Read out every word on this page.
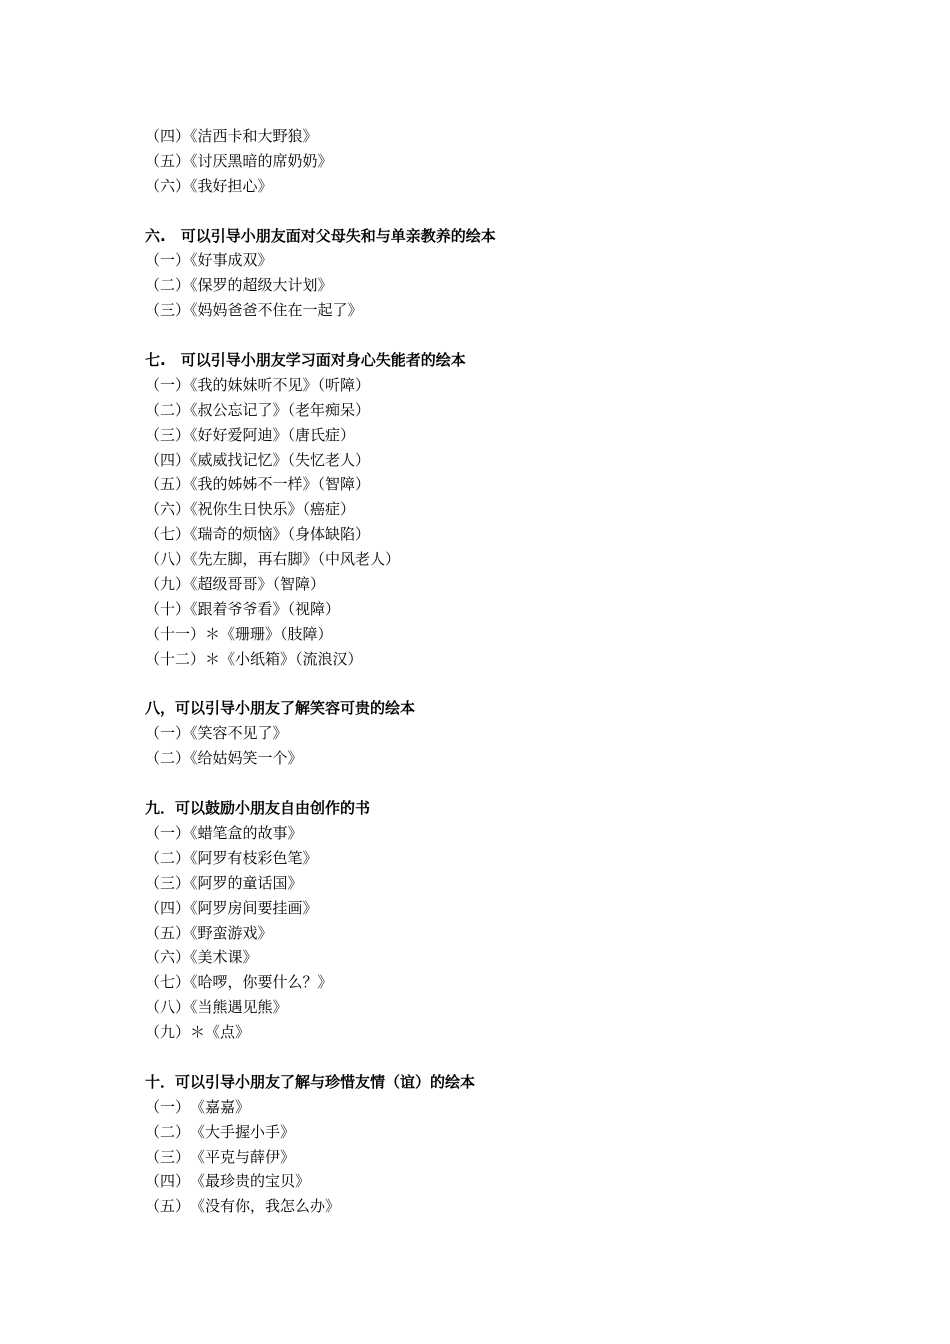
（四）《洁西卡和大野狼》
（五）《讨厌黑暗的席奶奶》
（六）《我好担心》
六.　可以引导小朋友面对父母失和与单亲教养的绘本
（一）《好事成双》
（二）《保罗的超级大计划》
（三）《妈妈爸爸不住在一起了》
七.　可以引导小朋友学习面对身心失能者的绘本
（一）《我的妹妹听不见》（听障）
（二）《叔公忘记了》（老年痴呆）
（三）《好好爱阿迪》（唐氏症）
（四）《威威找记忆》（失忆老人）
（五）《我的姊姊不一样》（智障）
（六）《祝你生日快乐》（癌症）
（七）《瑞奇的烦恼》（身体缺陷）
（八）《先左脚，再右脚》（中风老人）
（九）《超级哥哥》（智障）
（十）《跟着爷爷看》（视障）
（十一）＊《珊珊》（肢障）
（十二）＊《小纸箱》（流浪汉）
八，可以引导小朋友了解笑容可贵的绘本
（一）《笑容不见了》
（二）《给姑妈笑一个》
九．可以鼓励小朋友自由创作的书
（一）《蜡笔盒的故事》
（二）《阿罗有枝彩色笔》
（三）《阿罗的童话国》
（四）《阿罗房间要挂画》
（五）《野蛮游戏》
（六）《美术课》
（七）《哈啰，你要什么？》
（八）《当熊遇见熊》
（九）＊《点》
十．可以引导小朋友了解与珍惜友情（谊）的绘本
（一）　《嘉嘉》
（二）　《大手握小手》
（三）　《平克与薛伊》
（四）　《最珍贵的宝贝》
（五）　《没有你，我怎么办》
